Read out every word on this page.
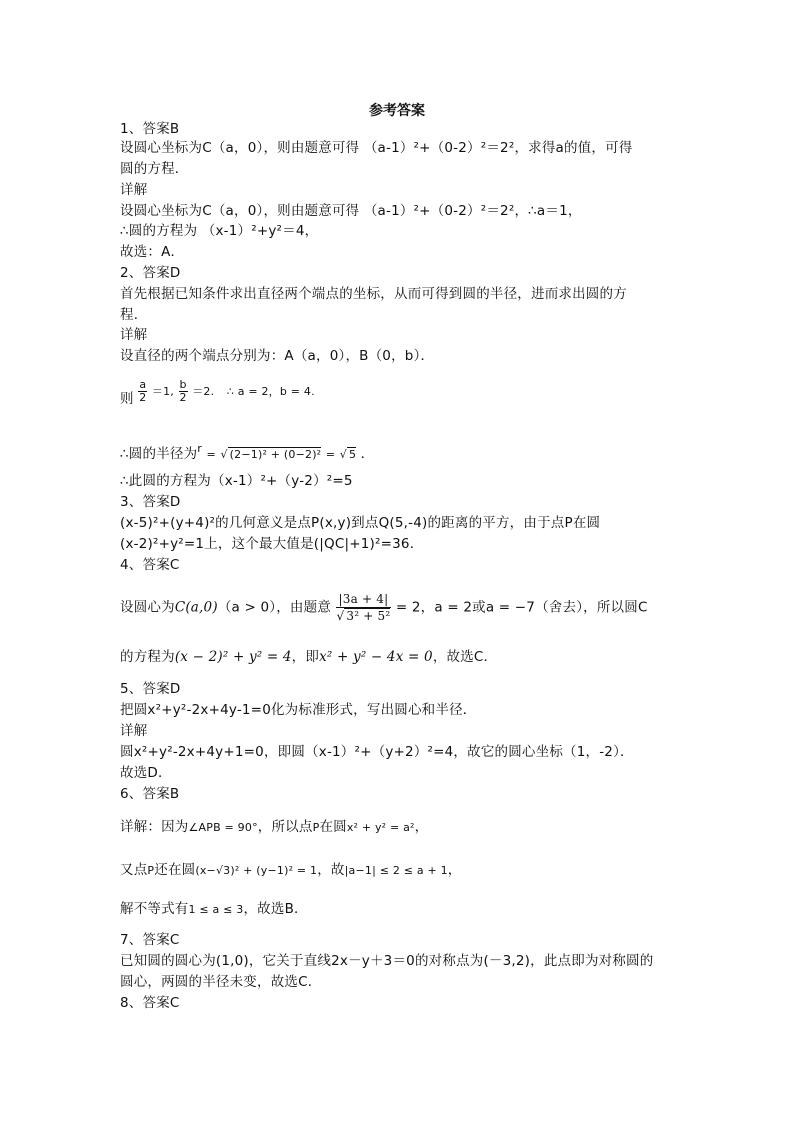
参考答案
1、答案B
设圆心坐标为C（a，0），则由题意可得 （a-1）²+（0-2）²＝2²，求得a的值，可得
圆的方程．
详解
设圆心坐标为C（a，0），则由题意可得 （a-1）²+（0-2）²＝2²，∴a＝1，
∴圆的方程为 （x-1）²+y²＝4，
故选：A．
2、答案D
首先根据已知条件求出直径两个端点的坐标，从而可得到圆的半径，进而求出圆的方
程．
详解
设直径的两个端点分别为：A（a，0），B（0，b）．
则 $\frac{a}{2} =1$, $\frac{b}{2} =2$. ∴ a = 2，b = 4.
∴圆的半径为$^r$ = √ (2−1)² + (0−2)² = √ 5 ．
∴此圆的方程为（x-1）²+（y-2）²=5
3、答案D
(x-5)²+(y+4)²的几何意义是点P(x,y)到点Q(5,-4)的距离的平方，由于点P在圆
(x-2)²+y²=1上，这个最大值是(|QC|+1)²=36．
4、答案C
设圆心为C(a,0)（a > 0），由题意 $\frac{|3a + 4|}{\text{√ 3² + 5²}} = 2$，a = 2或a = −7（舍去），所以圆C
的方程为(x − 2)² + y² = 4，即x² + y² − 4x = 0，故选C．
5、答案D
把圆x²+y²-2x+4y-1=0化为标准形式，写出圆心和半径．
详解
圆x²+y²-2x+4y+1=0，即圆（x-1）²+（y+2）²=4，故它的圆心坐标（1，-2）．
故选D．
6、答案B
详解：因为∠APB = 90°，所以点P在圆x² + y² = a²，
又点P还在圆(x−√3)² + (y−1)² = 1，故|a−1| ≤ 2 ≤ a + 1，
解不等式有1 ≤ a ≤ 3，故选B．
7、答案C
已知圆的圆心为(1,0)，它关于直线2x－y＋3＝0的对称点为(－3,2)，此点即为对称圆的
圆心，两圆的半径未变，故选C．
8、答案C
